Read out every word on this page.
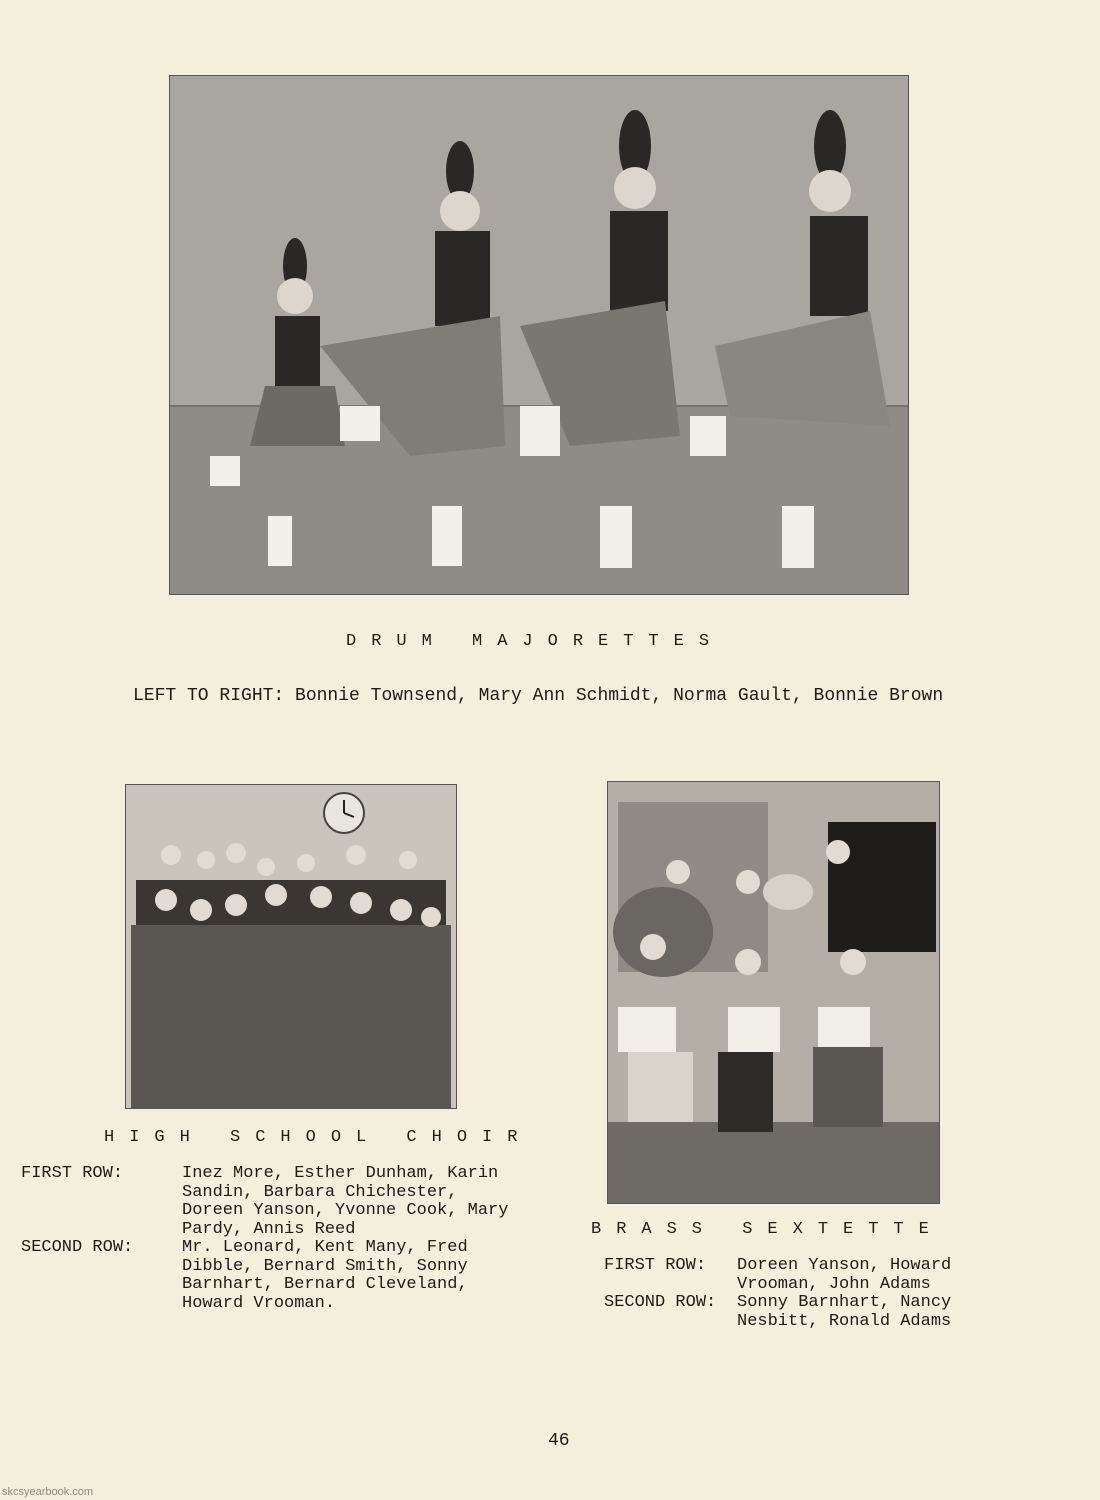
DRUM MAJORETTES
LEFT TO RIGHT: Bonnie Townsend, Mary Ann Schmidt, Norma Gault, Bonnie Brown
HIGH SCHOOL CHOIR
FIRST ROW:	Inez More, Esther Dunham, Karin
Sandin, Barbara Chichester,
Doreen Yanson, Yvonne Cook, Mary
Pardy, Annis Reed
SECOND ROW:	Mr. Leonard, Kent Many, Fred
Dibble, Bernard Smith, Sonny
Barnhart, Bernard Cleveland,
Howard Vrooman.
BRASS SEXTETTE
FIRST ROW:	Doreen Yanson, Howard
Vrooman, John Adams
SECOND ROW:	Sonny Barnhart, Nancy
Nesbitt, Ronald Adams
46
skcsyearbook.com
